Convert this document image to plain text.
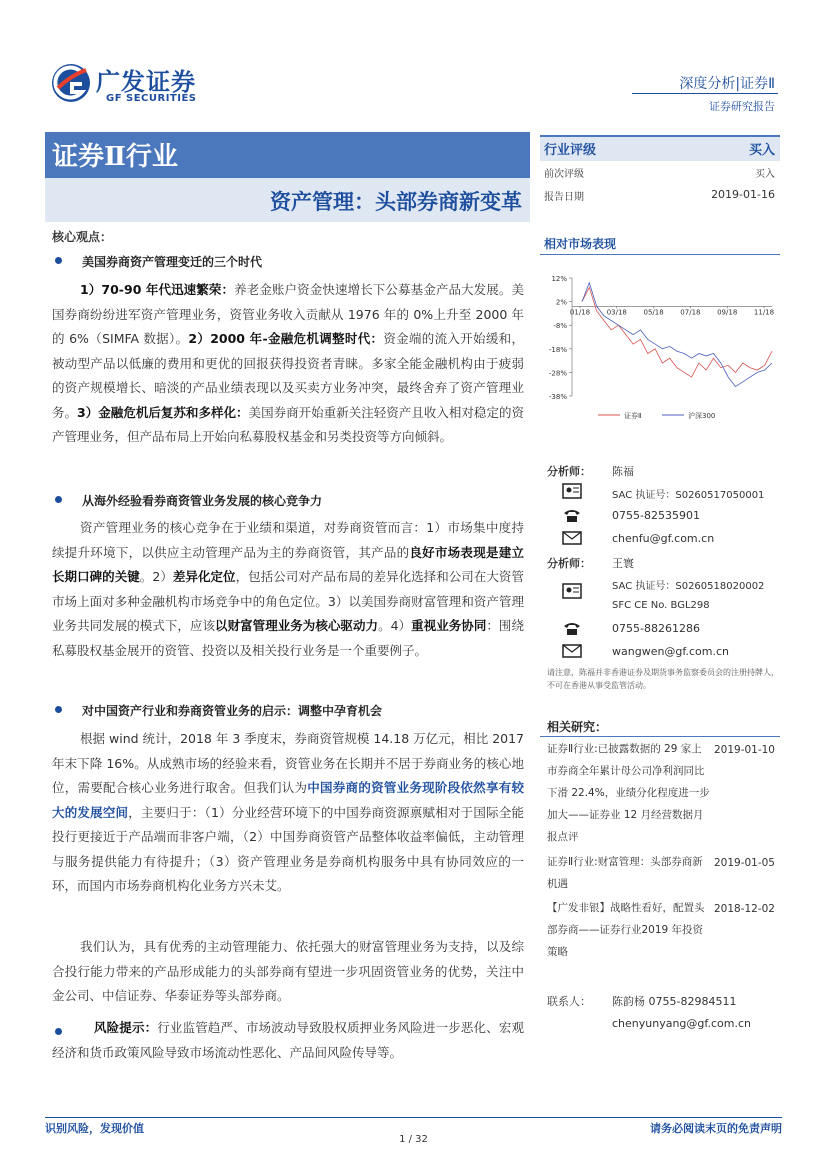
广发证券
GF SECURITIES
深度分析|证券Ⅱ
证券研究报告
证券Ⅱ行业
资产管理：头部券商新变革
行业评级	买入
前次评级	买入
报告日期	2019-01-16
相对市场表现
12%
2%
-8%
-18%
-28%
-38%
01/18 03/18 05/18 07/18 09/18 11/18
证券Ⅱ	沪深300
分析师： 陈福
SAC 执证号：S0260517050001
0755-82535901
chenfu@gf.com.cn
分析师： 王寰
SAC 执证号：S0260518020002
SFC CE No. BGL298
0755-88261286
wangwen@gf.com.cn
请注意，陈福并非香港证券及期货事务监察委员会的注册持牌人，不可在香港从事受监管活动。
相关研究：
证券Ⅱ行业:已披露数据的 29 家上市券商全年累计母公司净利润同比下滑 22.4%，业绩分化程度进一步加大——证券业 12 月经营数据月报点评
2019-01-10
证券Ⅱ行业:财富管理：头部券商新机遇
2019-01-05
【广发非银】战略性看好，配置头部券商——证券行业2019 年投资策略
2018-12-02
联系人： 陈韵杨 0755-82984511
chenyunyang@gf.com.cn
核心观点：
美国券商资产管理变迁的三个时代
1）70-90 年代迅速繁荣：养老金账户资金快速增长下公募基金产品大发展。美国券商纷纷进军资产管理业务，资管业务收入贡献从 1976 年的 0%上升至 2000 年的 6%（SIMFA 数据）。2）2000 年-金融危机调整时代：资金端的流入开始缓和，被动型产品以低廉的费用和更优的回报获得投资者青睐。多家全能金融机构由于疲弱的资产规模增长、暗淡的产品业绩表现以及买卖方业务冲突，最终舍弃了资产管理业务。3）金融危机后复苏和多样化：美国券商开始重新关注轻资产且收入相对稳定的资产管理业务，但产品布局上开始向私募股权基金和另类投资等方向倾斜。
从海外经验看券商资管业务发展的核心竞争力
资产管理业务的核心竞争在于业绩和渠道，对券商资管而言：1）市场集中度持续提升环境下，以供应主动管理产品为主的券商资管，其产品的良好市场表现是建立长期口碑的关键。2）差异化定位，包括公司对产品布局的差异化选择和公司在大资管市场上面对多种金融机构市场竞争中的角色定位。3）以美国券商财富管理和资产管理业务共同发展的模式下，应该以财富管理业务为核心驱动力。4）重视业务协同：围绕私募股权基金展开的资管、投资以及相关投行业务是一个重要例子。
对中国资产行业和券商资管业务的启示：调整中孕育机会
根据 wind 统计，2018 年 3 季度末，券商资管规模 14.18 万亿元，相比 2017 年末下降 16%。从成熟市场的经验来看，资管业务在长期并不居于券商业务的核心地位，需要配合核心业务进行取舍。但我们认为中国券商的资管业务现阶段依然享有较大的发展空间，主要归于：（1）分业经营环境下的中国券商资源禀赋相对于国际全能投行更接近于产品端而非客户端，（2）中国券商资管产品整体收益率偏低，主动管理与服务提供能力有待提升；（3）资产管理业务是券商机构服务中具有协同效应的一环，而国内市场券商机构化业务方兴未艾。
我们认为，具有优秀的主动管理能力、依托强大的财富管理业务为支持，以及综合投行能力带来的产品形成能力的头部券商有望进一步巩固资管业务的优势，关注中金公司、中信证券、华泰证券等头部券商。
风险提示：行业监管趋严、市场波动导致股权质押业务风险进一步恶化、宏观经济和货币政策风险导致市场流动性恶化、产品间风险传导等。
识别风险，发现价值	请务必阅读末页的免责声明
1 / 32
